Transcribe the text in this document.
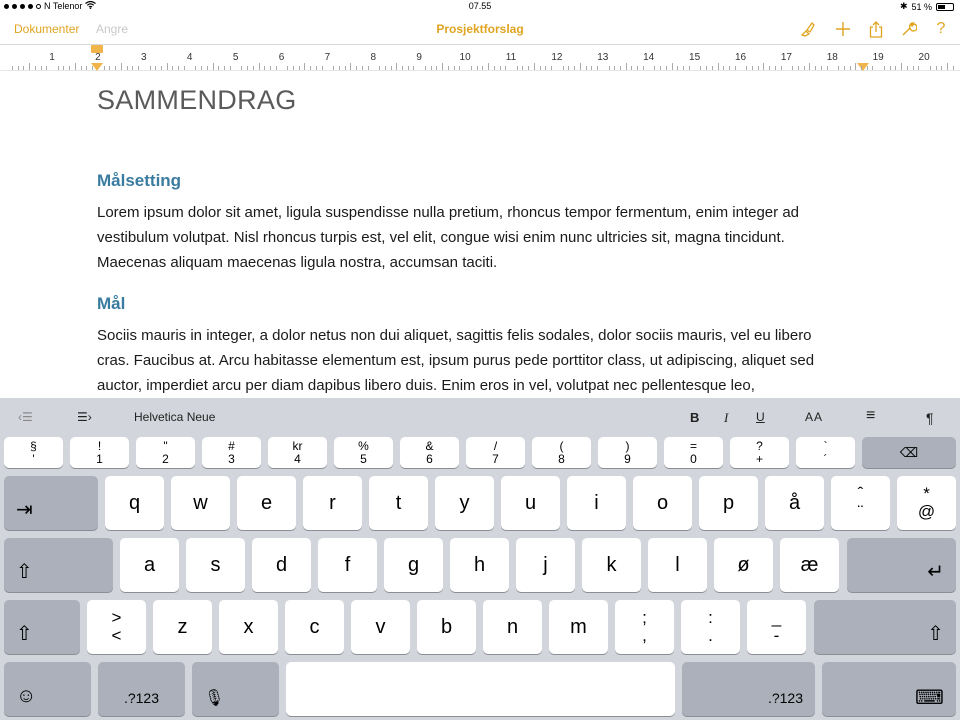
N Telenor	07.55	✱ 51 %
Dokumenter Angre	Prosjektforslag	?
1	2	3	4	5	6	7	8	9	10	11	12	13	14	15	16	17	18	19	20
SAMMENDRAG
Målsetting
Lorem ipsum dolor sit amet, ligula suspendisse nulla pretium, rhoncus tempor fermentum, enim integer ad
vestibulum volutpat. Nisl rhoncus turpis est, vel elit, congue wisi enim nunc ultricies sit, magna tincidunt.
Maecenas aliquam maecenas ligula nostra, accumsan taciti.
Mål
Sociis mauris in integer, a dolor netus non dui aliquet, sagittis felis sodales, dolor sociis mauris, vel eu libero
cras. Faucibus at. Arcu habitasse elementum est, ipsum purus pede porttitor class, ut adipiscing, aliquet sed
auctor, imperdiet arcu per diam dapibus libero duis. Enim eros in vel, volutpat nec pellentesque leo,
‹☰	☰›	Helvetica Neue	B I U	AA	≡	¶
§
'
!
1
"
2
#
3
kr
4
%
5
&
6
/
7
(
8
)
9
=
0
?
+
`
´	⌫
⇥	q	w	e	r	t	y	u	i	o	p	å	ˆ
¨
*
@
⇧	a	s	d	f	g	h	j	k	l	ø	æ	↵
⇧
>
<	z	x	c	v	b	n	m	;
,
:
.
_
-	⇧
☺	.?123	🎙	.?123	⌨
